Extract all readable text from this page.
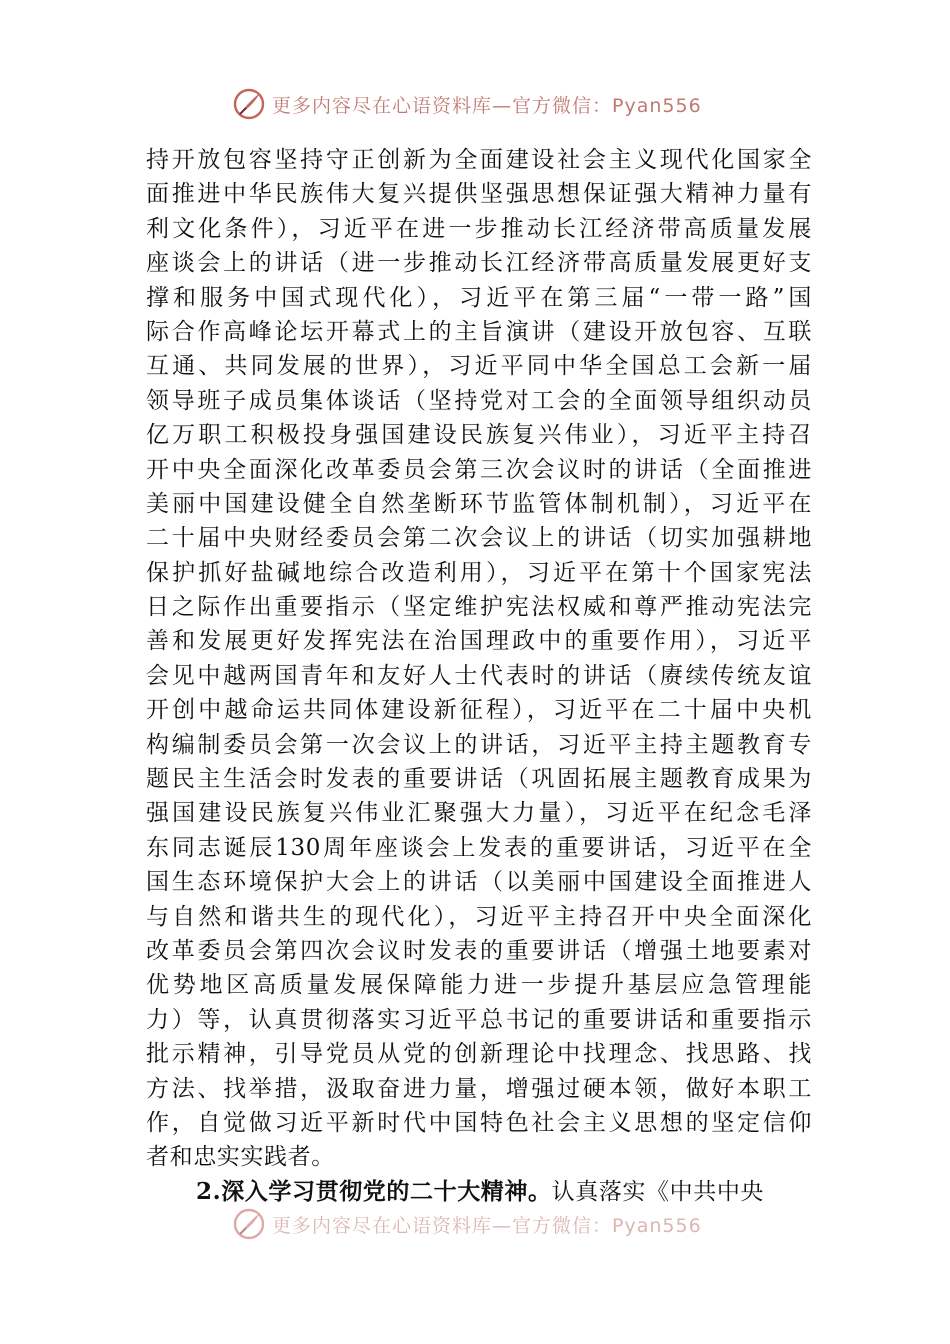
更多内容尽在心语资料库—官方微信：Pyan556
持开放包容坚持守正创新为全面建设社会主义现代化国家全
面推进中华民族伟大复兴提供坚强思想保证强大精神力量有
利文化条件），习近平在进一步推动长江经济带高质量发展
座谈会上的讲话（进一步推动长江经济带高质量发展更好支
撑和服务中国式现代化），习近平在第三届“一带一路”国
际合作高峰论坛开幕式上的主旨演讲（建设开放包容、互联
互通、共同发展的世界），习近平同中华全国总工会新一届
领导班子成员集体谈话（坚持党对工会的全面领导组织动员
亿万职工积极投身强国建设民族复兴伟业），习近平主持召
开中央全面深化改革委员会第三次会议时的讲话（全面推进
美丽中国建设健全自然垄断环节监管体制机制），习近平在
二十届中央财经委员会第二次会议上的讲话（切实加强耕地
保护抓好盐碱地综合改造利用），习近平在第十个国家宪法
日之际作出重要指示（坚定维护宪法权威和尊严推动宪法完
善和发展更好发挥宪法在治国理政中的重要作用），习近平
会见中越两国青年和友好人士代表时的讲话（赓续传统友谊
开创中越命运共同体建设新征程），习近平在二十届中央机
构编制委员会第一次会议上的讲话，习近平主持主题教育专
题民主生活会时发表的重要讲话（巩固拓展主题教育成果为
强国建设民族复兴伟业汇聚强大力量），习近平在纪念毛泽
东同志诞辰130周年座谈会上发表的重要讲话，习近平在全
国生态环境保护大会上的讲话（以美丽中国建设全面推进人
与自然和谐共生的现代化），习近平主持召开中央全面深化
改革委员会第四次会议时发表的重要讲话（增强土地要素对
优势地区高质量发展保障能力进一步提升基层应急管理能
力）等，认真贯彻落实习近平总书记的重要讲话和重要指示
批示精神，引导党员从党的创新理论中找理念、找思路、找
方法、找举措，汲取奋进力量，增强过硬本领，做好本职工
作，自觉做习近平新时代中国特色社会主义思想的坚定信仰
者和忠实实践者。
2.深入学习贯彻党的二十大精神。认真落实《中共中央
更多内容尽在心语资料库—官方微信：Pyan556
